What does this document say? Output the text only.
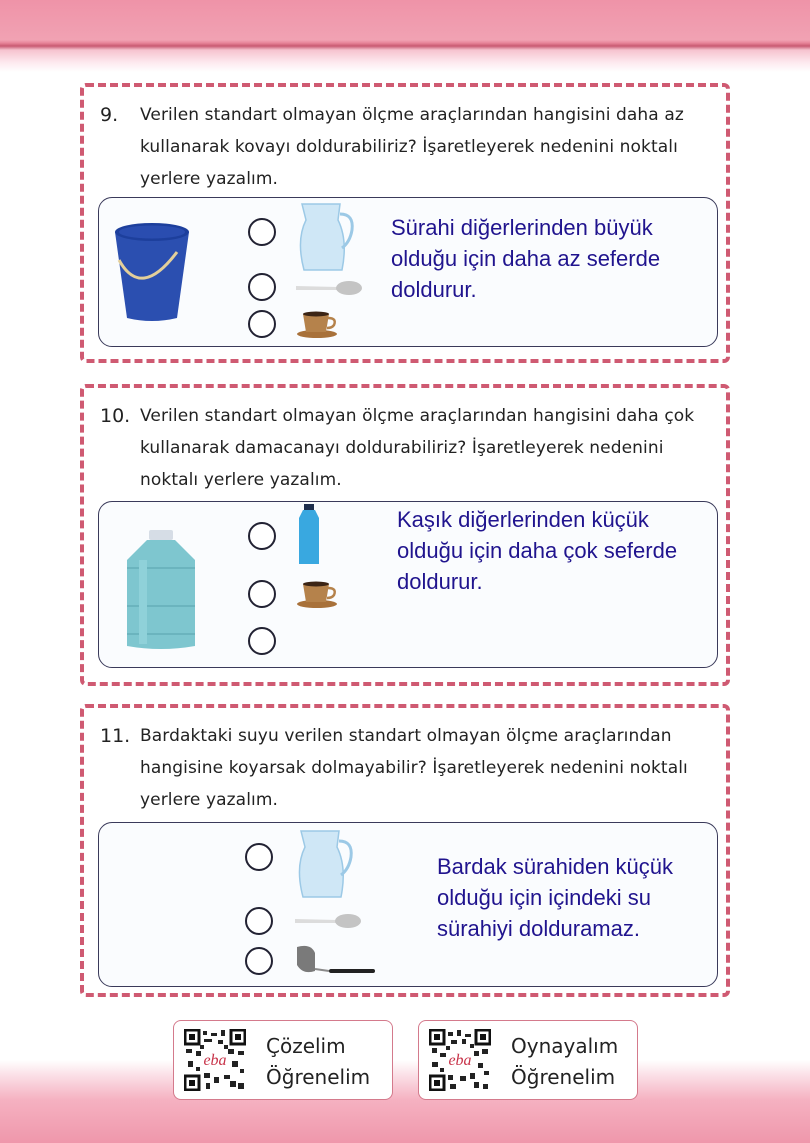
9.	Verilen standart olmayan ölçme araçlarından hangisini daha az kullanarak kovayı doldurabiliriz? İşaretleyerek nedenini noktalı yerlere yazalım.
Sürahi diğerlerinden büyük olduğu için daha az seferde doldurur.
10. Verilen standart olmayan ölçme araçlarından hangisini daha çok kullanarak damacanayı doldurabiliriz? İşaretleyerek nedenini noktalı yerlere yazalım.
Kaşık diğerlerinden küçük olduğu için daha çok seferde doldurur.
11. Bardaktaki suyu verilen standart olmayan ölçme araçlarından hangisine koyarsak dolmayabilir? İşaretleyerek nedenini noktalı yerlere yazalım.
Bardak sürahiden küçük olduğu için içindeki su sürahiyi dolduramaz.
eba
Çözelim
Öğrenelim
eba
Oynayalım
Öğrenelim
